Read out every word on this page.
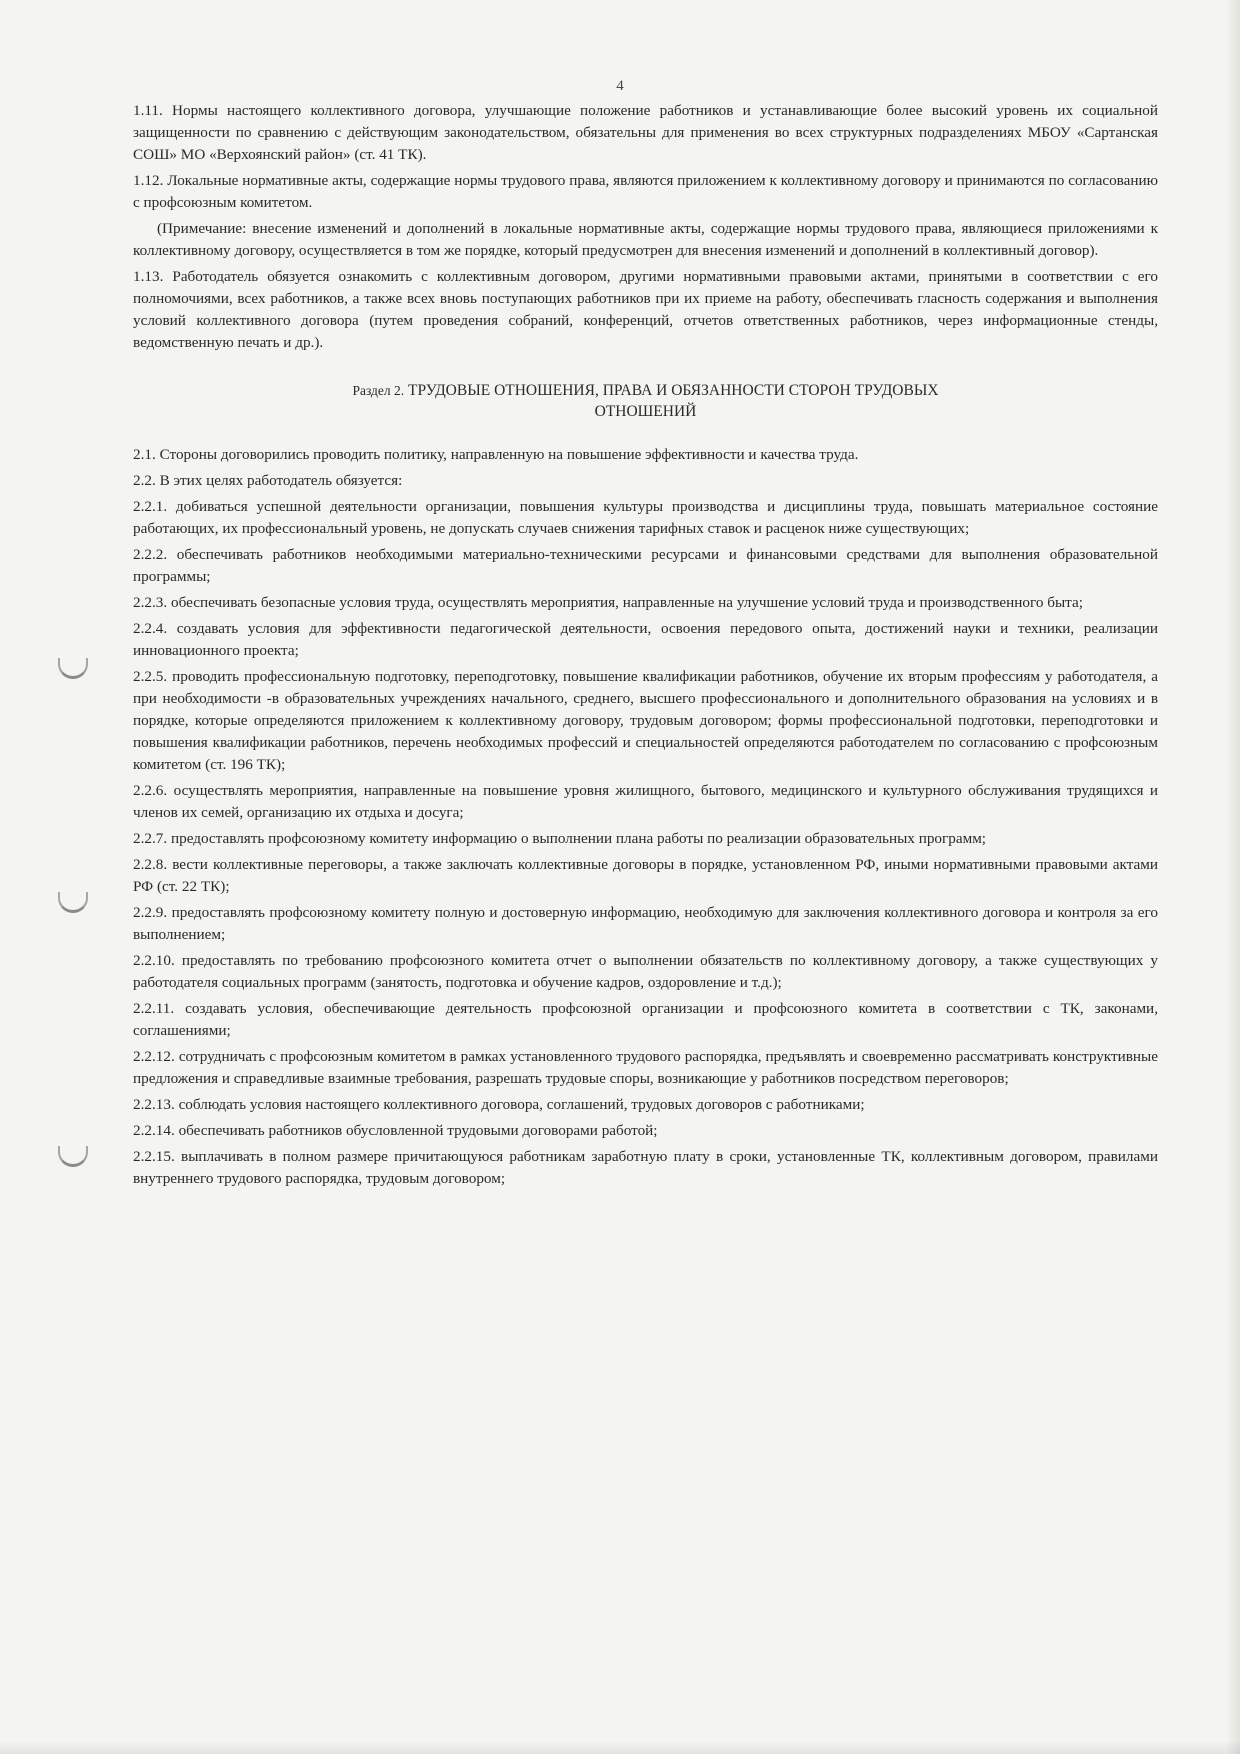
4

1.11. Нормы настоящего коллективного договора, улучшающие положение работников и устанавливающие более высокий уровень их социальной защищенности по сравнению с действующим законодательством, обязательны для применения во всех структурных подразделениях МБОУ «Сартанская СОШ» МО «Верхоянский район» (ст. 41 ТК).

1.12. Локальные нормативные акты, содержащие нормы трудового права, являются приложением к коллективному договору и принимаются по согласованию с профсоюзным комитетом.

(Примечание: внесение изменений и дополнений в локальные нормативные акты, содержащие нормы трудового права, являющиеся приложениями к коллективному договору, осуществляется в том же порядке, который предусмотрен для внесения изменений и дополнений в коллективный договор).

1.13. Работодатель обязуется ознакомить с коллективным договором, другими нормативными правовыми актами, принятыми в соответствии с его полномочиями, всех работников, а также всех вновь поступающих работников при их приеме на работу, обеспечивать гласность содержания и выполнения условий коллективного договора (путем проведения собраний, конференций, отчетов ответственных работников, через информационные стенды, ведомственную печать и др.).

Раздел 2. ТРУДОВЫЕ ОТНОШЕНИЯ, ПРАВА И ОБЯЗАННОСТИ СТОРОН ТРУДОВЫХ
ОТНОШЕНИЙ

2.1. Стороны договорились проводить политику, направленную на повышение эффективности и качества труда.

2.2. В этих целях работодатель обязуется:

2.2.1. добиваться успешной деятельности организации, повышения культуры производства и дисциплины труда, повышать материальное состояние работающих, их профессиональный уровень, не допускать случаев снижения тарифных ставок и расценок ниже существующих;

2.2.2. обеспечивать работников необходимыми материально-техническими ресурсами и финансовыми средствами для выполнения образовательной программы;

2.2.3. обеспечивать безопасные условия труда, осуществлять мероприятия, направленные на улучшение условий труда и производственного быта;

2.2.4. создавать условия для эффективности педагогической деятельности, освоения передового опыта, достижений науки и техники, реализации инновационного проекта;

2.2.5. проводить профессиональную подготовку, переподготовку, повышение квалификации работников, обучение их вторым профессиям у работодателя, а при необходимости -в образовательных учреждениях начального, среднего, высшего профессионального и дополнительного образования на условиях и в порядке, которые определяются приложением к коллективному договору, трудовым договором; формы профессиональной подготовки, переподготовки и повышения квалификации работников, перечень необходимых профессий и специальностей определяются работодателем по согласованию с профсоюзным комитетом (ст. 196 ТК);

2.2.6. осуществлять мероприятия, направленные на повышение уровня жилищного, бытового, медицинского и культурного обслуживания трудящихся и членов их семей, организацию их отдыха и досуга;

2.2.7. предоставлять профсоюзному комитету информацию о выполнении плана работы по реализации образовательных программ;

2.2.8. вести коллективные переговоры, а также заключать коллективные договоры в порядке, установленном РФ, иными нормативными правовыми актами РФ (ст. 22 ТК);

2.2.9. предоставлять профсоюзному комитету полную и достоверную информацию, необходимую для заключения коллективного договора и контроля за его выполнением;

2.2.10. предоставлять по требованию профсоюзного комитета отчет о выполнении обязательств по коллективному договору, а также существующих у работодателя социальных программ (занятость, подготовка и обучение кадров, оздоровление и т.д.);

2.2.11. создавать условия, обеспечивающие деятельность профсоюзной организации и профсоюзного комитета в соответствии с ТК, законами, соглашениями;

2.2.12. сотрудничать с профсоюзным комитетом в рамках установленного трудового распорядка, предъявлять и своевременно рассматривать конструктивные предложения и справедливые взаимные требования, разрешать трудовые споры, возникающие у работников посредством переговоров;

2.2.13. соблюдать условия настоящего коллективного договора, соглашений, трудовых договоров с работниками;

2.2.14. обеспечивать работников обусловленной трудовыми договорами работой;

2.2.15. выплачивать в полном размере причитающуюся работникам заработную плату в сроки, установленные ТК, коллективным договором, правилами внутреннего трудового распорядка, трудовым договором;
